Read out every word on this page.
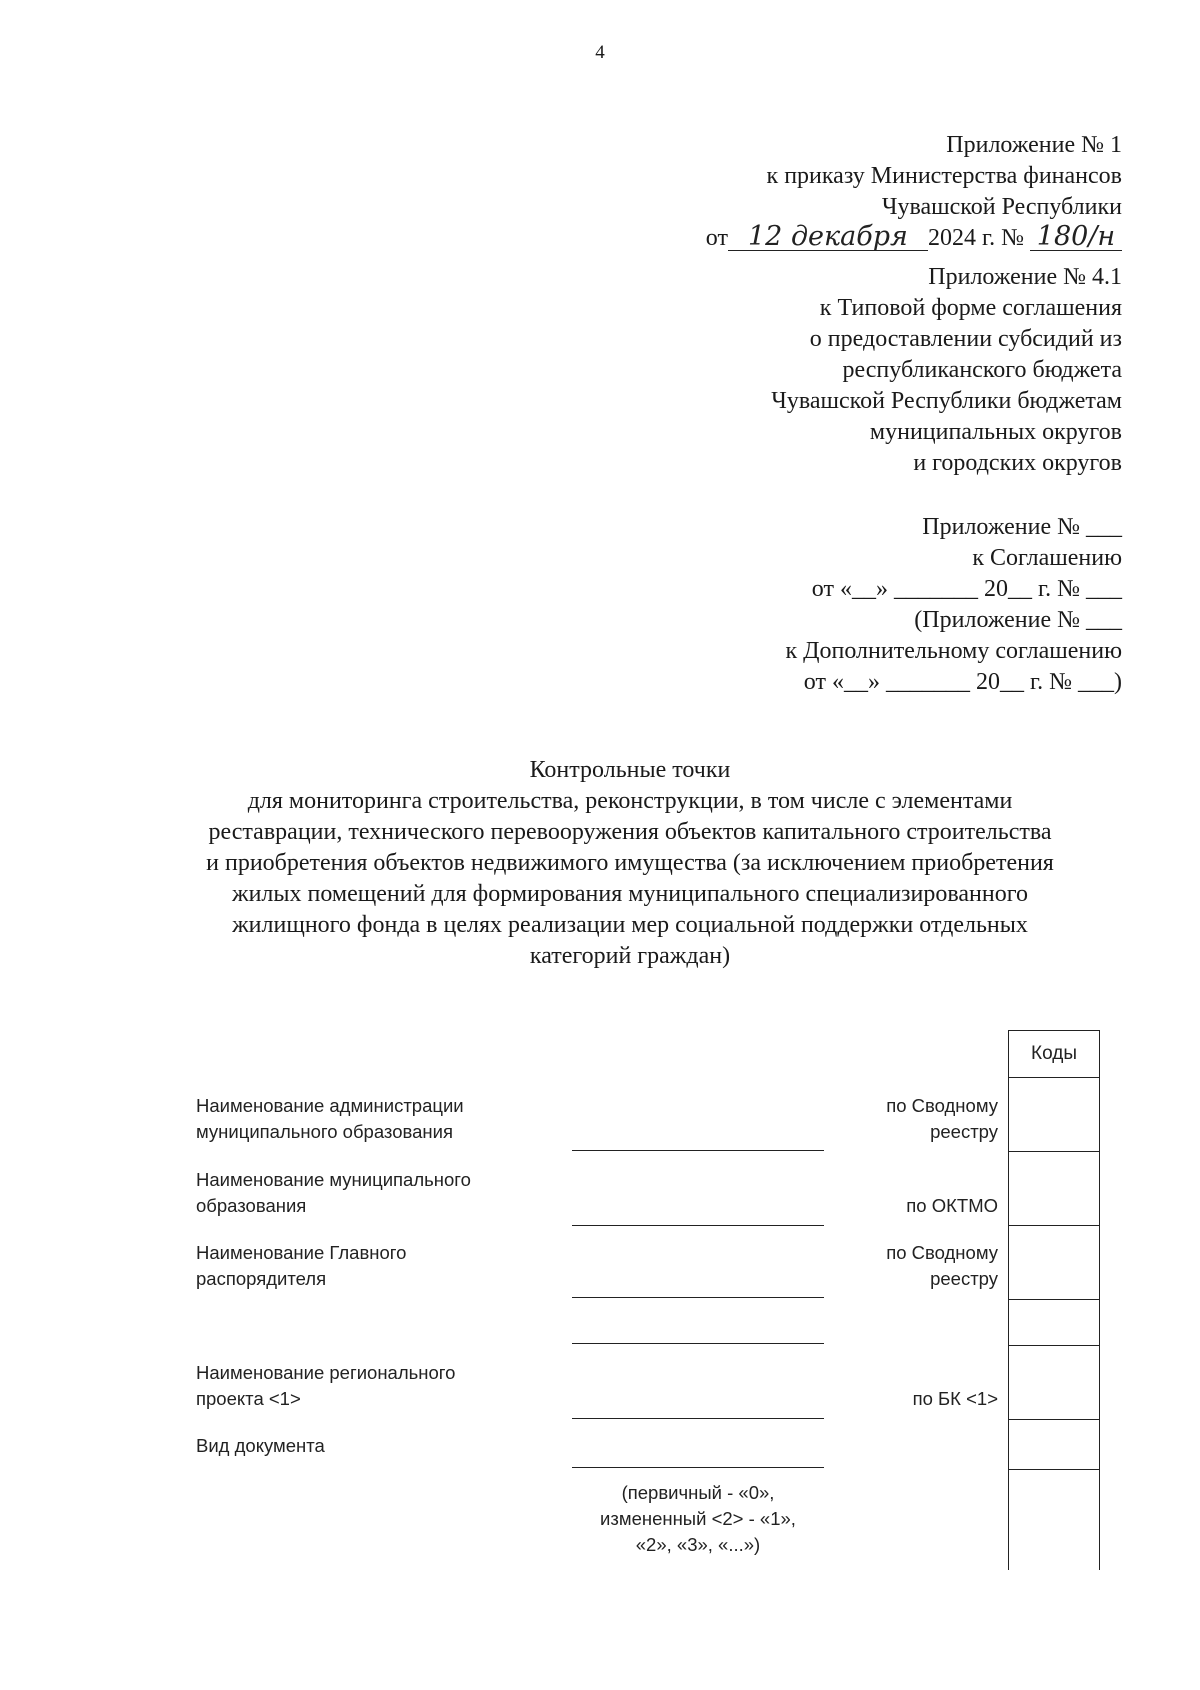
4
Приложение № 1
к приказу Министерства финансов
Чувашской Республики
от 12 декабря 2024 г. № 180/н
Приложение № 4.1
к Типовой форме соглашения
о предоставлении субсидий из
республиканского бюджета
Чувашской Республики бюджетам
муниципальных округов
и городских округов
Приложение № ___
к Соглашению
от «__» _______ 20__ г. № ___
(Приложение № ___
к Дополнительному соглашению
от «__» _______ 20__ г. № ___)
Контрольные точки
для мониторинга строительства, реконструкции, в том числе с элементами
реставрации, технического перевооружения объектов капитального строительства
и приобретения объектов недвижимого имущества (за исключением приобретения
жилых помещений для формирования муниципального специализированного
жилищного фонда в целях реализации мер социальной поддержки отдельных
категорий граждан)
Наименование администрации
муниципального образования
Наименование муниципального
образования
Наименование Главного
распорядителя
Наименование регионального
проекта <1>
Вид документа
(первичный - «0»,
измененный <2> - «1»,
«2», «3», «...»)
по Сводному
реестру
по ОКТМО
по Сводному
реестру
по БК <1>
Коды
